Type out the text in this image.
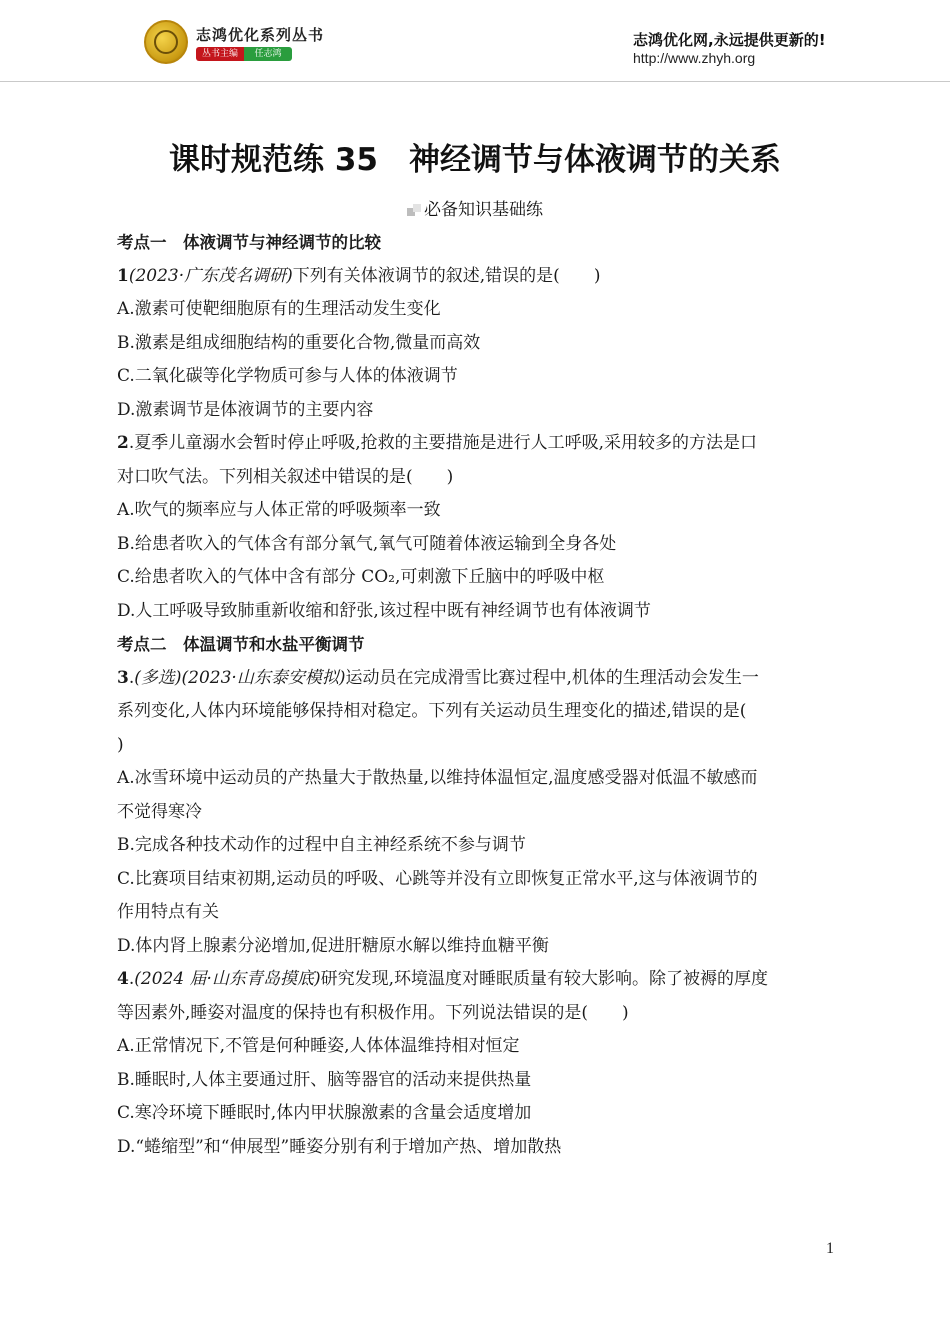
志鸿优化系列丛书
丛书主编	任志鸿
志鸿优化网,永远提供更新的!
http://www.zhyh.org
课时规范练 35　神经调节与体液调节的关系
必备知识基础练
考点一　体液调节与神经调节的比较
1(2023·广东茂名调研)下列有关体液调节的叙述,错误的是(　　)
A.激素可使靶细胞原有的生理活动发生变化
B.激素是组成细胞结构的重要化合物,微量而高效
C.二氧化碳等化学物质可参与人体的体液调节
D.激素调节是体液调节的主要内容
2.夏季儿童溺水会暂时停止呼吸,抢救的主要措施是进行人工呼吸,采用较多的方法是口
对口吹气法。下列相关叙述中错误的是(　　)
A.吹气的频率应与人体正常的呼吸频率一致
B.给患者吹入的气体含有部分氧气,氧气可随着体液运输到全身各处
C.给患者吹入的气体中含有部分 CO₂,可刺激下丘脑中的呼吸中枢
D.人工呼吸导致肺重新收缩和舒张,该过程中既有神经调节也有体液调节
考点二　体温调节和水盐平衡调节
3.(多选)(2023·山东泰安模拟)运动员在完成滑雪比赛过程中,机体的生理活动会发生一
系列变化,人体内环境能够保持相对稳定。下列有关运动员生理变化的描述,错误的是(
)
A.冰雪环境中运动员的产热量大于散热量,以维持体温恒定,温度感受器对低温不敏感而
不觉得寒冷
B.完成各种技术动作的过程中自主神经系统不参与调节
C.比赛项目结束初期,运动员的呼吸、心跳等并没有立即恢复正常水平,这与体液调节的
作用特点有关
D.体内肾上腺素分泌增加,促进肝糖原水解以维持血糖平衡
4.(2024 届·山东青岛摸底)研究发现,环境温度对睡眠质量有较大影响。除了被褥的厚度
等因素外,睡姿对温度的保持也有积极作用。下列说法错误的是(　　)
A.正常情况下,不管是何种睡姿,人体体温维持相对恒定
B.睡眠时,人体主要通过肝、脑等器官的活动来提供热量
C.寒冷环境下睡眠时,体内甲状腺激素的含量会适度增加
D.“蜷缩型”和“伸展型”睡姿分别有利于增加产热、增加散热
1
